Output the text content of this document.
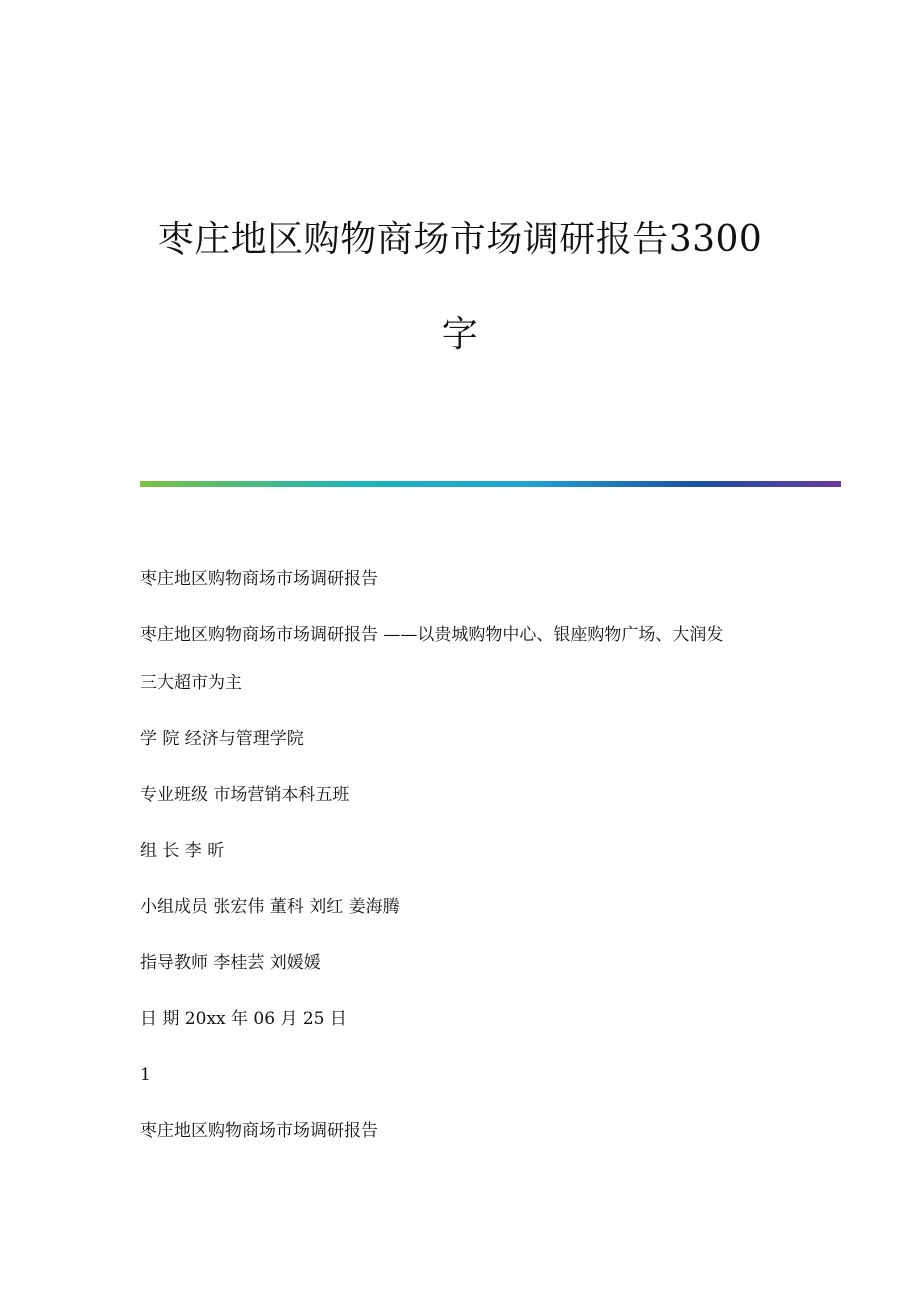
枣庄地区购物商场市场调研报告3300
字
枣庄地区购物商场市场调研报告
枣庄地区购物商场市场调研报告 ——以贵城购物中心、银座购物广场、大润发
三大超市为主
学 院 经济与管理学院
专业班级 市场营销本科五班
组 长 李 昕
小组成员 张宏伟 董科 刘红 姜海腾
指导教师 李桂芸 刘媛媛
日 期 20xx 年 06 月 25 日
1
枣庄地区购物商场市场调研报告
